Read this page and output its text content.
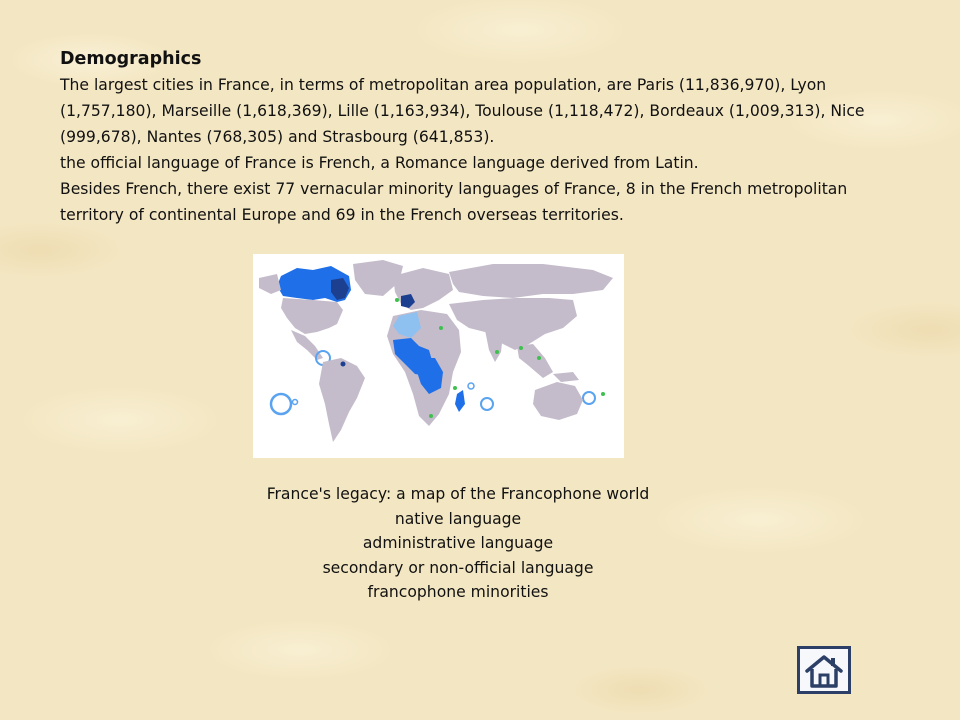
Demographics

The largest cities in France, in terms of metropolitan area population, are Paris (11,836,970), Lyon (1,757,180), Marseille (1,618,369), Lille (1,163,934), Toulouse (1,118,472), Bordeaux (1,009,313), Nice (999,678), Nantes (768,305) and Strasbourg (641,853).

the official language of France is French, a Romance language derived from Latin.

Besides French, there exist 77 vernacular minority languages of France, 8 in the French metropolitan territory of continental Europe and 69 in the French overseas territories.

France's legacy: a map of the Francophone world
native language
administrative language
secondary or non-official language
francophone minorities
